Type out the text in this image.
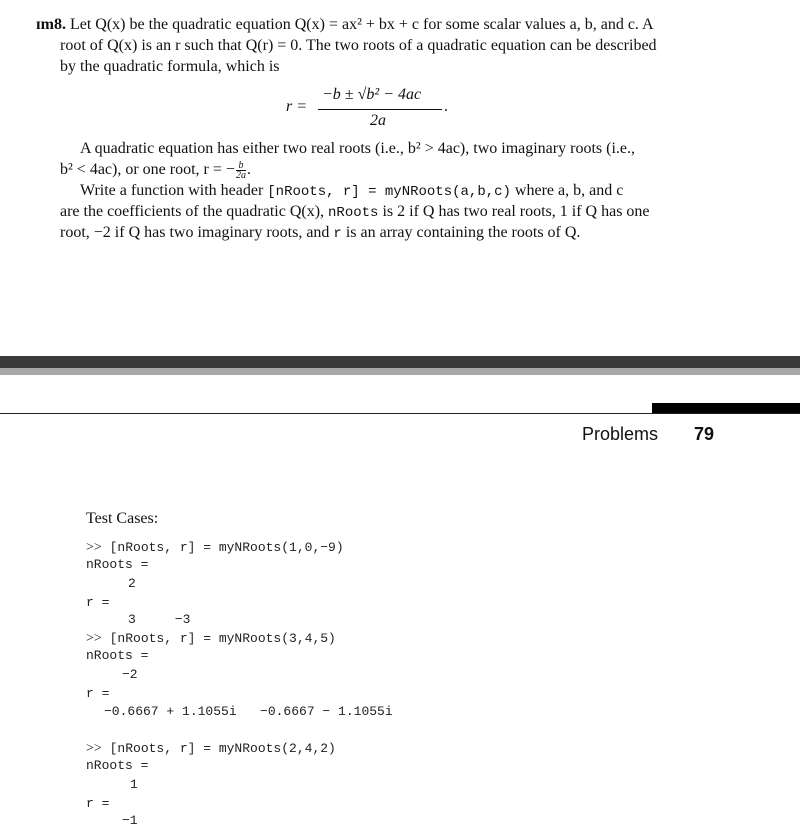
ɪm8. Let Q(x) be the quadratic equation Q(x) = ax² + bx + c for some scalar values a, b, and c. A
root of Q(x) is an r such that Q(r) = 0. The two roots of a quadratic equation can be described
by the quadratic formula, which is
r =
−b ± √b² − 4ac
2a
.
A quadratic equation has either two real roots (i.e., b² > 4ac), two imaginary roots (i.e.,
b² < 4ac), or one root, r = − $\frac{b}{2a}$ .
Write a function with header [nRoots, r] = myNRoots(a,b,c) where a, b, and c
are the coefficients of the quadratic Q(x), nRoots is 2 if Q has two real roots, 1 if Q has one
root, −2 if Q has two imaginary roots, and r is an array containing the roots of Q.
Problems 79
Test Cases:
>> [nRoots, r] = myNRoots(1,0,−9)
nRoots =
2
r =
3     −3
>> [nRoots, r] = myNRoots(3,4,5)
nRoots =
−2
r =
−0.6667 + 1.1055i   −0.6667 − 1.1055i
>> [nRoots, r] = myNRoots(2,4,2)
nRoots =
1
r =
−1
